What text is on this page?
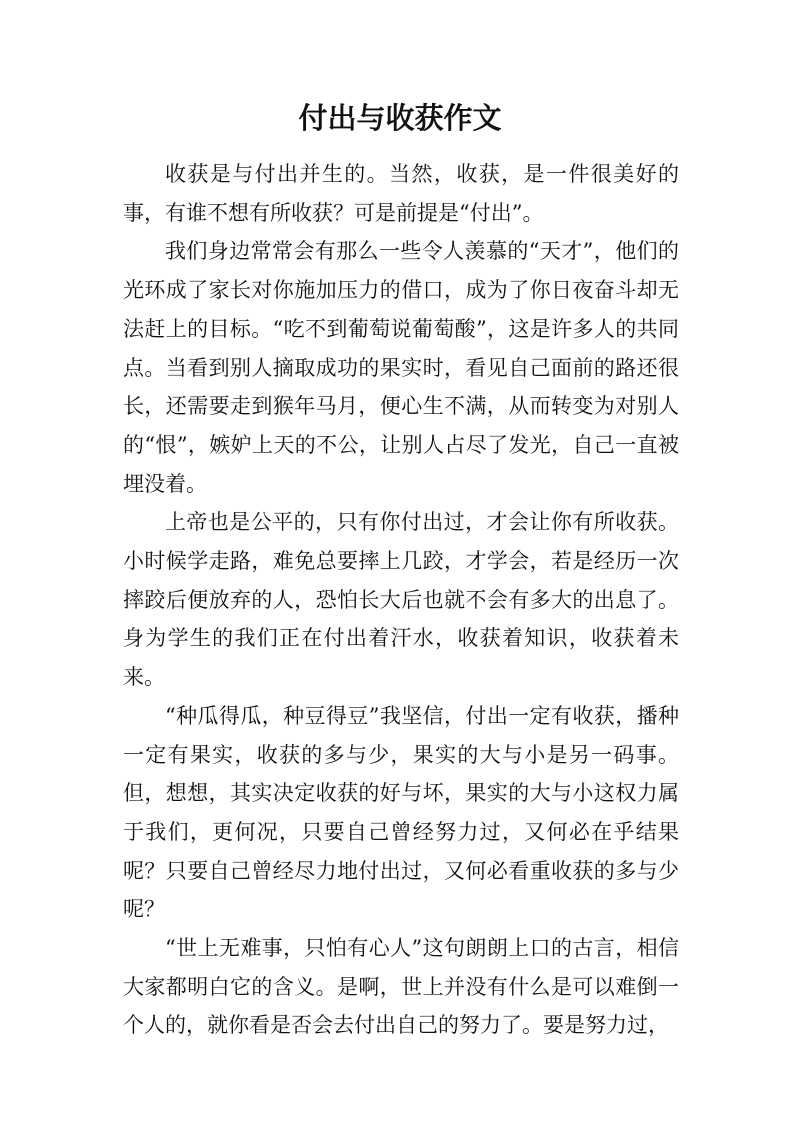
付出与收获作文

收获是与付出并生的。当然，收获，是一件很美好的事，有谁不想有所收获？可是前提是“付出”。

我们身边常常会有那么一些令人羡慕的“天才”，他们的光环成了家长对你施加压力的借口，成为了你日夜奋斗却无法赶上的目标。“吃不到葡萄说葡萄酸”，这是许多人的共同点。当看到别人摘取成功的果实时，看见自己面前的路还很长，还需要走到猴年马月，便心生不满，从而转变为对别人的“恨”，嫉妒上天的不公，让别人占尽了发光，自己一直被埋没着。

上帝也是公平的，只有你付出过，才会让你有所收获。小时候学走路，难免总要摔上几跤，才学会，若是经历一次摔跤后便放弃的人，恐怕长大后也就不会有多大的出息了。身为学生的我们正在付出着汗水，收获着知识，收获着未来。

“种瓜得瓜，种豆得豆”我坚信，付出一定有收获，播种一定有果实，收获的多与少，果实的大与小是另一码事。但，想想，其实决定收获的好与坏，果实的大与小这权力属于我们，更何况，只要自己曾经努力过，又何必在乎结果呢？只要自己曾经尽力地付出过，又何必看重收获的多与少呢？

“世上无难事，只怕有心人”这句朗朗上口的古言，相信大家都明白它的含义。是啊，世上并没有什么是可以难倒一个人的，就你看是否会去付出自己的努力了。要是努力过，
